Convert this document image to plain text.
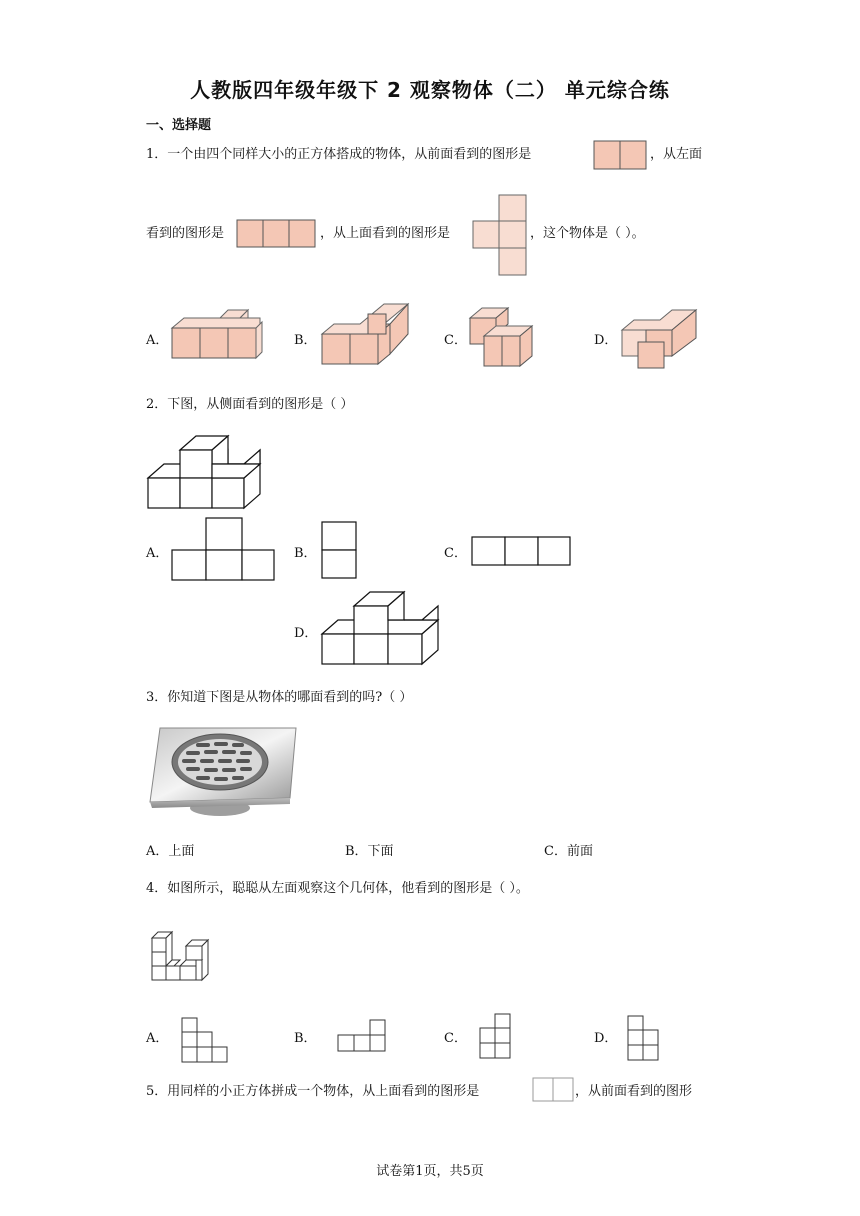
人教版四年级年级下 2 观察物体（二） 单元综合练
一、选择题
1．一个由四个同样大小的正方体搭成的物体，从前面看到的图形是	，从左面
看到的图形是	，从上面看到的图形是	，这个物体是（ ）。
A．	B．	C．	D．
2．下图，从侧面看到的图形是（ ）
A．	B．	C．
D．
3．你知道下图是从物体的哪面看到的吗?（ ）
A．上面	B．下面	C．前面
4．如图所示，聪聪从左面观察这个几何体，他看到的图形是（ ）。
A．	B．	C．	D．
5．用同样的小正方体拼成一个物体，从上面看到的图形是	，从前面看到的图形
试卷第1页，共5页
